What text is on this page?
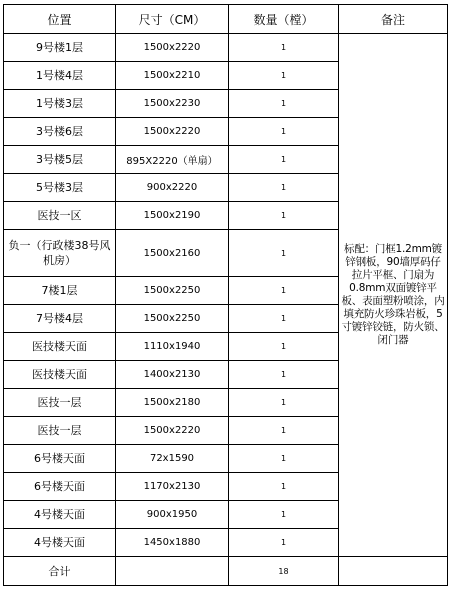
位置	尺寸（CM）	数量（樘）	备注
9号楼1层	1500x2220	1	标配：门框1.2mm镀锌钢板，90墙厚码仔拉片平框、门扇为0.8mm双面镀锌平板、表面塑粉喷涂，内填充防火珍珠岩板，5寸镀锌铰链，防火锁、闭门器
1号楼4层	1500x2210	1	
1号楼3层	1500x2230	1	
3号楼6层	1500x2220	1	
3号楼5层	895X2220（单扇）	1	
5号楼3层	900x2220	1	
医技一区	1500x2190	1	
负一（行政楼38号风机房）	1500x2160	1	
7楼1层	1500x2250	1	
7号楼4层	1500x2250	1	
医技楼天面	1110x1940	1	
医技楼天面	1400x2130	1	
医技一层	1500x2180	1	
医技一层	1500x2220	1	
6号楼天面	72x1590	1	
6号楼天面	1170x2130	1	
4号楼天面	900x1950	1	
4号楼天面	1450x1880	1	
合计		18	
